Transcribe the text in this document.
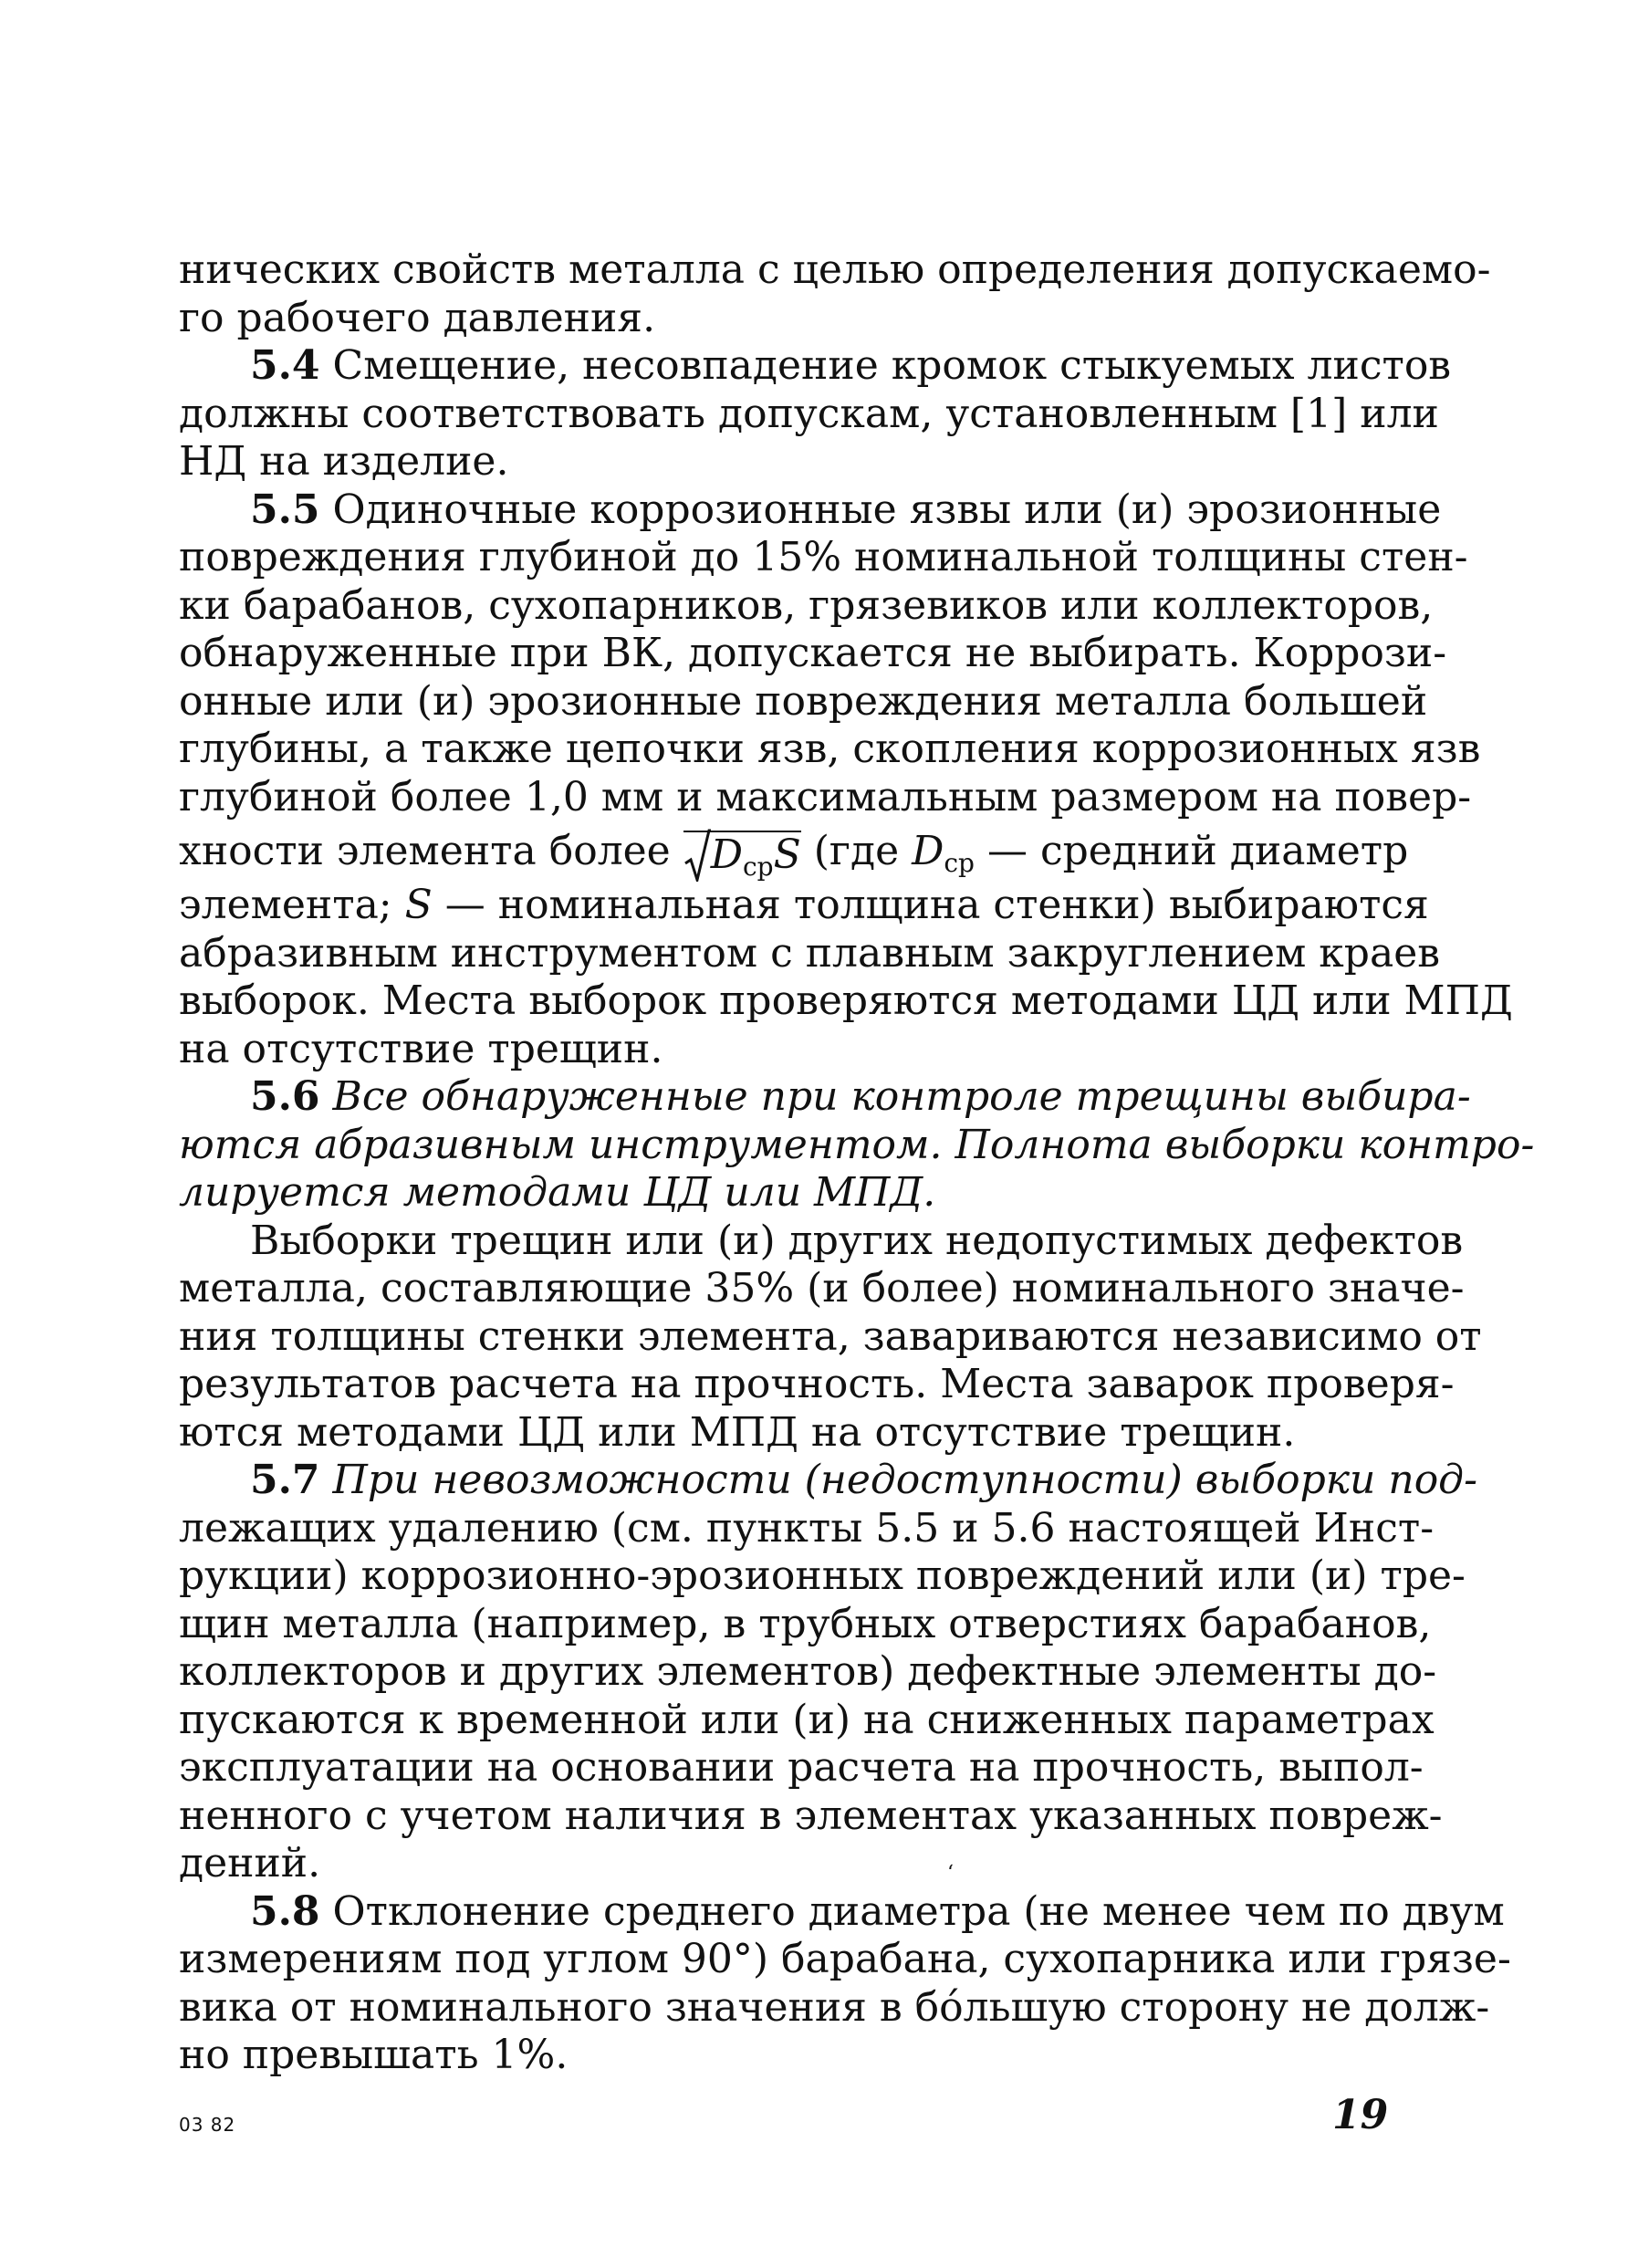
нических свойств металла с целью определения допускаемо-
го рабочего давления.
5.4 Смещение, несовпадение кромок стыкуемых листов
должны соответствовать допускам, установленным [1] или
НД на изделие.
5.5 Одиночные коррозионные язвы или (и) эрозионные
повреждения глубиной до 15% номинальной толщины стен-
ки барабанов, сухопарников, грязевиков или коллекторов,
обнаруженные при ВК, допускается не выбирать. Коррози-
онные или (и) эрозионные повреждения металла большей
глубины, а также цепочки язв, скопления коррозионных язв
глубиной более 1,0 мм и максимальным размером на повер-
хности элемента более
$D_{ср}S$ (где $D_{ср}$ — средний диаметр
элемента; S — номинальная толщина стенки) выбираются
абразивным инструментом с плавным закруглением краев
выборок. Места выборок проверяются методами ЦД или МПД
на отсутствие трещин.
5.6 Все обнаруженные при контроле трещины выбира-
ются абразивным инструментом. Полнота выборки контро-
лируется методами ЦД или МПД.
Выборки трещин или (и) других недопустимых дефектов
металла, составляющие 35% (и более) номинального значе-
ния толщины стенки элемента, завариваются независимо от
результатов расчета на прочность. Места заварок проверя-
ются методами ЦД или МПД на отсутствие трещин.
5.7 При невозможности (недоступности) выборки под-
лежащих удалению (см. пункты 5.5 и 5.6 настоящей Инст-
рукции) коррозионно-эрозионных повреждений или (и) тре-
щин металла (например, в трубных отверстиях барабанов,
коллекторов и других элементов) дефектные элементы до-
пускаются к временной или (и) на сниженных параметрах
эксплуатации на основании расчета на прочность, выпол-
ненного с учетом наличия в элементах указанных повреж-
дений.
5.8 Отклонение среднего диаметра (не менее чем по двум
измерениям под углом 90°) барабана, сухопарника или грязе-
вика от номинального значения в бóльшую сторону не долж-
но превышать 1%.
‘
03 82	19
